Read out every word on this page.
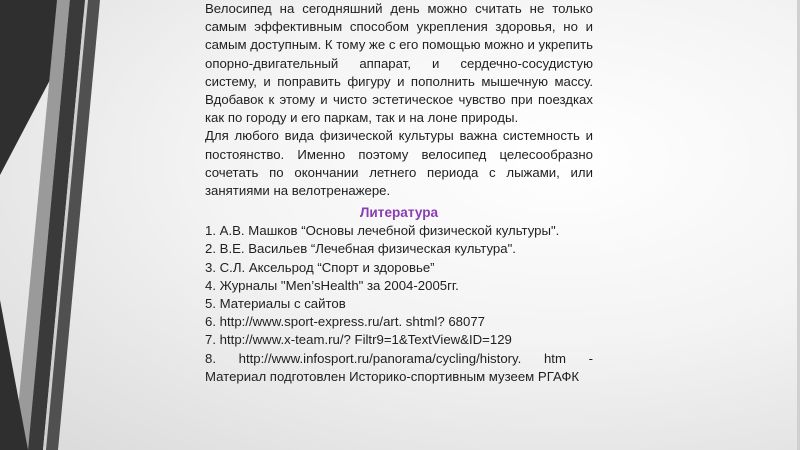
Велосипед на сегодняшний день можно считать не только самым эффективным способом укрепления здоровья, но и самым доступным. К тому же с его помощью можно и укрепить опорно-двигательный аппарат, и сердечно-сосудистую систему, и поправить фигуру и пополнить мышечную массу. Вдобавок к этому и чисто эстетическое чувство при поездках как по городу и его паркам, так и на лоне природы.

Для любого вида физической культуры важна системность и постоянство. Именно поэтому велосипед целесообразно сочетать по окончании летнего периода с лыжами, или занятиями на велотренажере.

Литература
1. А.В. Машков “Основы лечебной физической культуры".
2. В.Е. Васильев “Лечебная физическая культура".
3. С.Л. Аксельрод “Спорт и здоровье”
4. Журналы "Men’sHealth" за 2004-2005гг.
5. Материалы с сайтов
6. http://www.sport-express.ru/art. shtml? 68077
7. http://www.x-team.ru/? Filtr9=1&TextView&ID=129
8. http://www.infosport.ru/panorama/cycling/history. htm - Материал подготовлен Историко-спортивным музеем РГАФК
